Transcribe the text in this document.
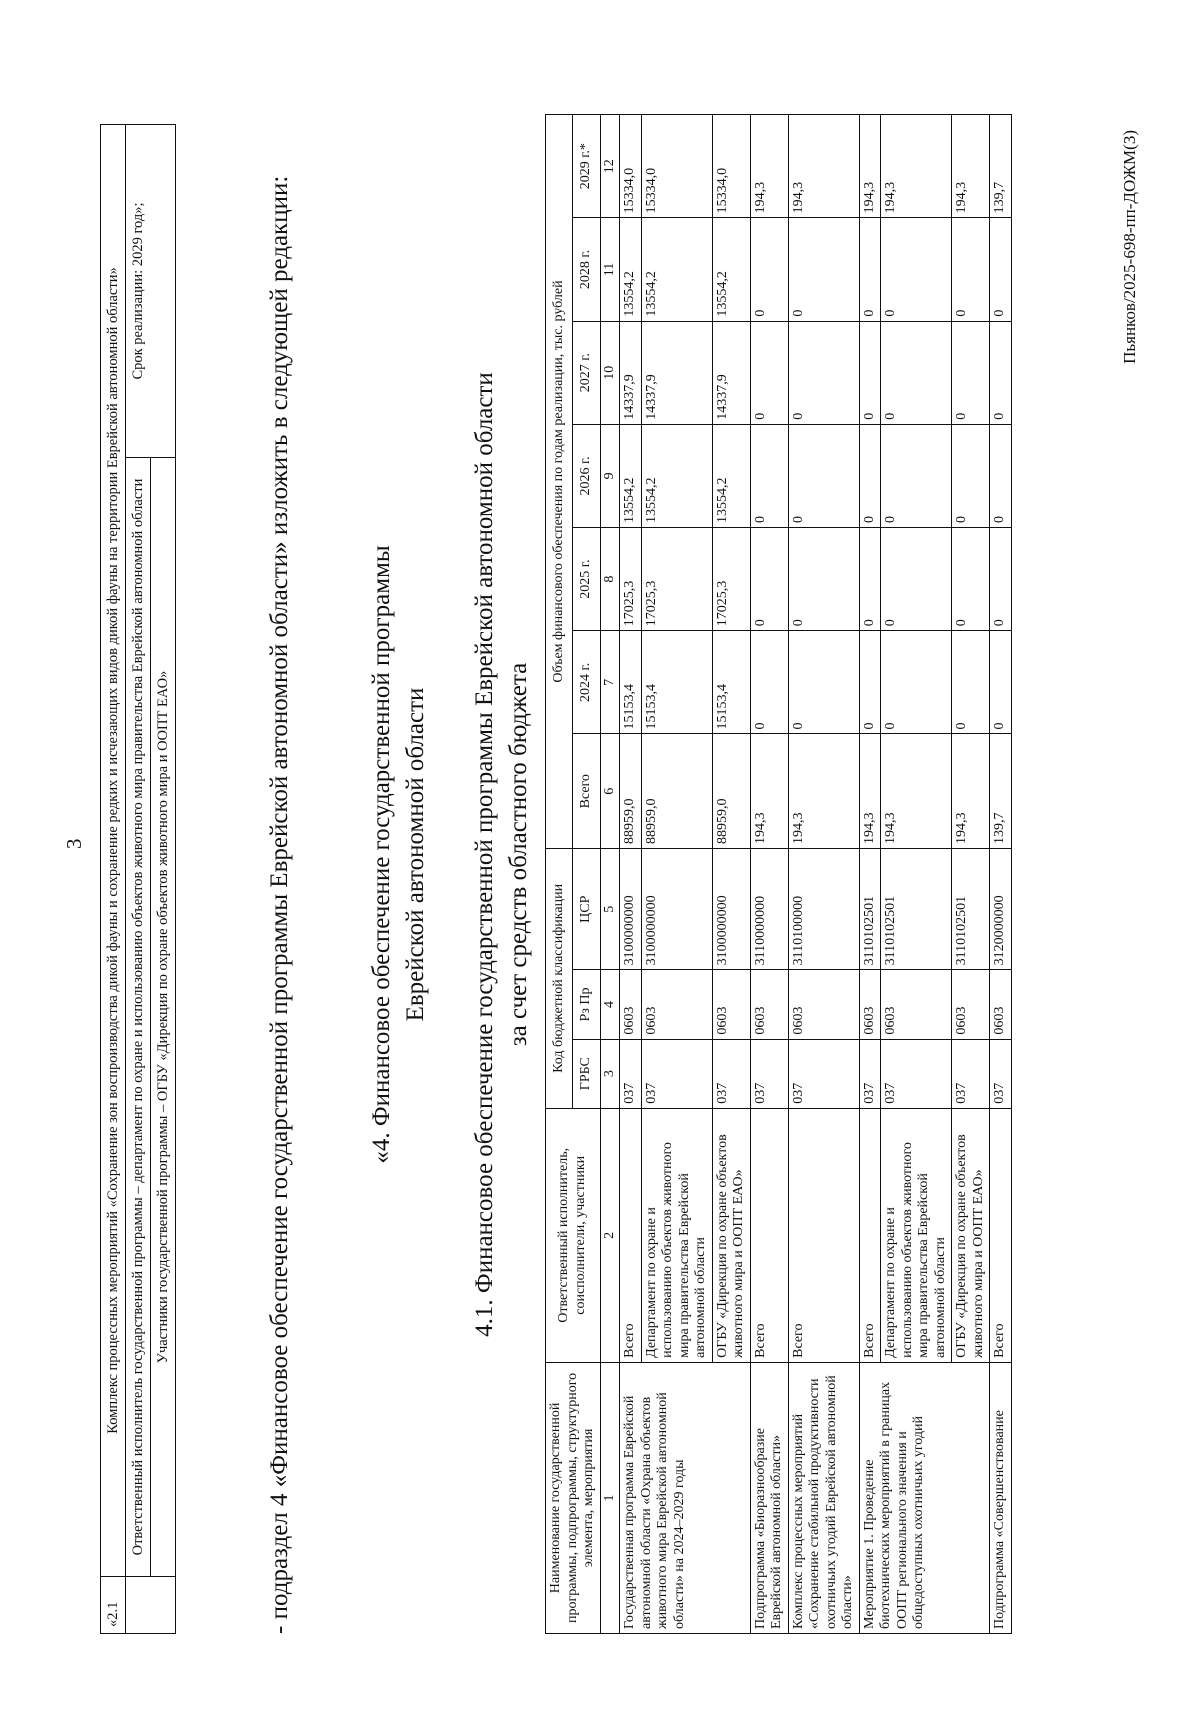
3
«2.1	Комплекс процессных мероприятий «Сохранение зон воспроизводства дикой фауны и сохранение редких и исчезающих видов дикой фауны на территории Еврейской автономной области»	
	Ответственный исполнитель государственной программы – департамент по охране и использованию объектов животного мира правительства Еврейской автономной области	Срок реализации: 2029 год»;
	Участники государственной программы – ОГБУ «Дирекция по охране объектов животного мира и ООПТ ЕАО»		- подраздел 4 «Финансовое обеспечение государственной программы Еврейской автономной области» изложить в следующей редакции:	«4. Финансовое обеспечение государственной программы Еврейской автономной области 4.1. Финансовое обеспечение государственной программы Еврейской автономной области за счет средств областного бюджета
Наименование государственной программы, подпрограммы, структурного элемента, мероприятия	Ответственный исполнитель, соисполнители, участники	Код бюджетной классификации			Объем финансового обеспечения по годам реализации, тыс. рублей						
		ГРБС	Рз Пр	ЦСР	Всего	2024 г.	2025 г.	2026 г.	2027 г.	2028 г.	2029 г.*
1	2	3	4	5	6	7	8	9	10	11	12
Государственная программа Еврейской автономной области «Охрана объектов животного мира Еврейской автономной области» на 2024–2029 годы	Всего	037	0603	3100000000	88959,0	15153,4	17025,3	13554,2	14337,9	13554,2	15334,0
	Департамент по охране и использованию объектов животного мира правительства Еврейской автономной области	037	0603	3100000000	88959,0	15153,4	17025,3	13554,2	14337,9	13554,2	15334,0
	ОГБУ «Дирекция по охране объектов животного мира и ООПТ ЕАО»	037	0603	3100000000	88959,0	15153,4	17025,3	13554,2	14337,9	13554,2	15334,0
Подпрограмма «Биоразнообразие Еврейской автономной области»	Всего	037	0603	3110000000	194,3	0	0	0	0	0	194,3
Комплекс процессных мероприятий «Сохранение стабильной продуктивности охотничьих угодий Еврейской автономной области»	Всего	037	0603	3110100000	194,3	0	0	0	0	0	194,3
Мероприятие 1. Проведение биотехнических мероприятий в границах ООПТ регионального значения и общедоступных охотничьих угодий	Всего	037	0603	3110102501	194,3	0	0	0	0	0	194,3
	Департамент по охране и использованию объектов животного мира правительства Еврейской автономной области	037	0603	3110102501	194,3	0	0	0	0	0	194,3
	ОГБУ «Дирекция по охране объектов животного мира и ООПТ ЕАО»	037	0603	3110102501	194,3	0	0	0	0	0	194,3
Подпрограмма «Совершенствование	Всего	037	0603	3120000000	139,7	0	0	0	0	0	139,7	Пьянков/2025-698-пп-ДОЖМ(3)
